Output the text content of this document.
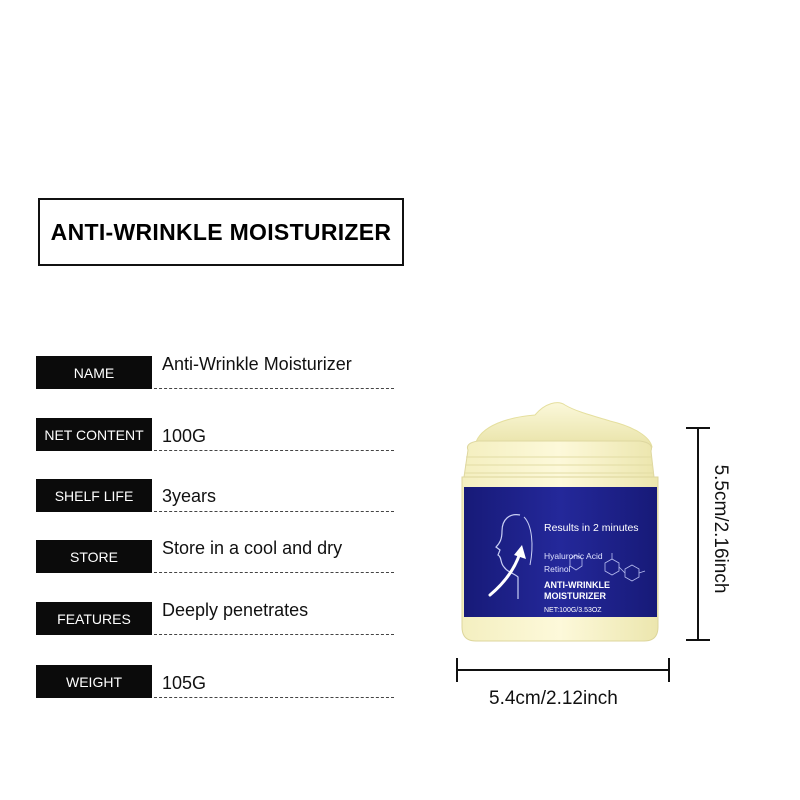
ANTI-WRINKLE MOISTURIZER
NAME	Anti-Wrinkle Moisturizer
NET CONTENT	100G
SHELF LIFE	3years
STORE	Store in a cool and dry
FEATURES	Deeply penetrates
WEIGHT	105G
Results in 2 minutes
Hyaluronic Acid
Retinol
ANTI-WRINKLE
MOISTURIZER
NET:100G/3.53OZ
5.5cm/2.16inch
5.4cm/2.12inch
